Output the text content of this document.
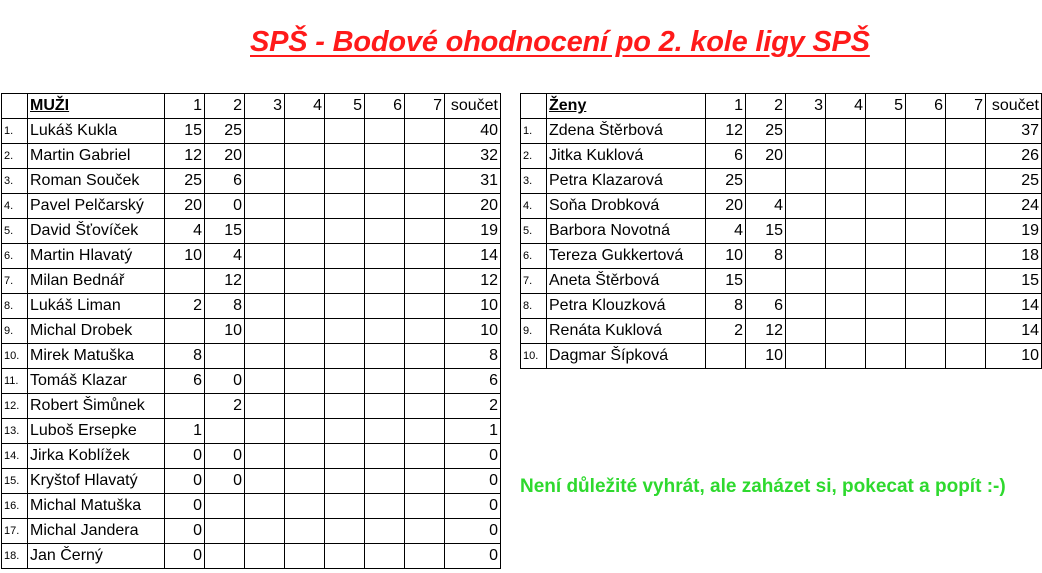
SPŠ - Bodové ohodnocení po 2. kole ligy SPŠ
	MUŽI	1	2	3	4	5	6	7	součet
1.	Lukáš Kukla	15	25						40
2.	Martin Gabriel	12	20						32
3.	Roman Souček	25	6						31
4.	Pavel Pelčarský	20	0						20
5.	David Šťovíček	4	15						19
6.	Martin Hlavatý	10	4						14
7.	Milan Bednář		12						12
8.	Lukáš Liman	2	8						10
9.	Michal Drobek		10						10
10.	Mirek Matuška	8							8
11.	Tomáš Klazar	6	0						6
12.	Robert Šimůnek		2						2
13.	Luboš Ersepke	1							1
14.	Jirka Koblížek	0	0						0
15.	Kryštof Hlavatý	0	0						0
16.	Michal Matuška	0							0
17.	Michal Jandera	0							0
18.	Jan Černý	0							0
	Ženy	1	2	3	4	5	6	7	součet
1.	Zdena Štěrbová	12	25						37
2.	Jitka Kuklová	6	20						26
3.	Petra Klazarová	25							25
4.	Soňa Drobková	20	4						24
5.	Barbora Novotná	4	15						19
6.	Tereza Gukkertová	10	8						18
7.	Aneta Štěrbová	15							15
8.	Petra Klouzková	8	6						14
9.	Renáta Kuklová	2	12						14
10.	Dagmar Šípková		10						10
Není důležité vyhrát, ale zaházet si, pokecat a popít :-)
